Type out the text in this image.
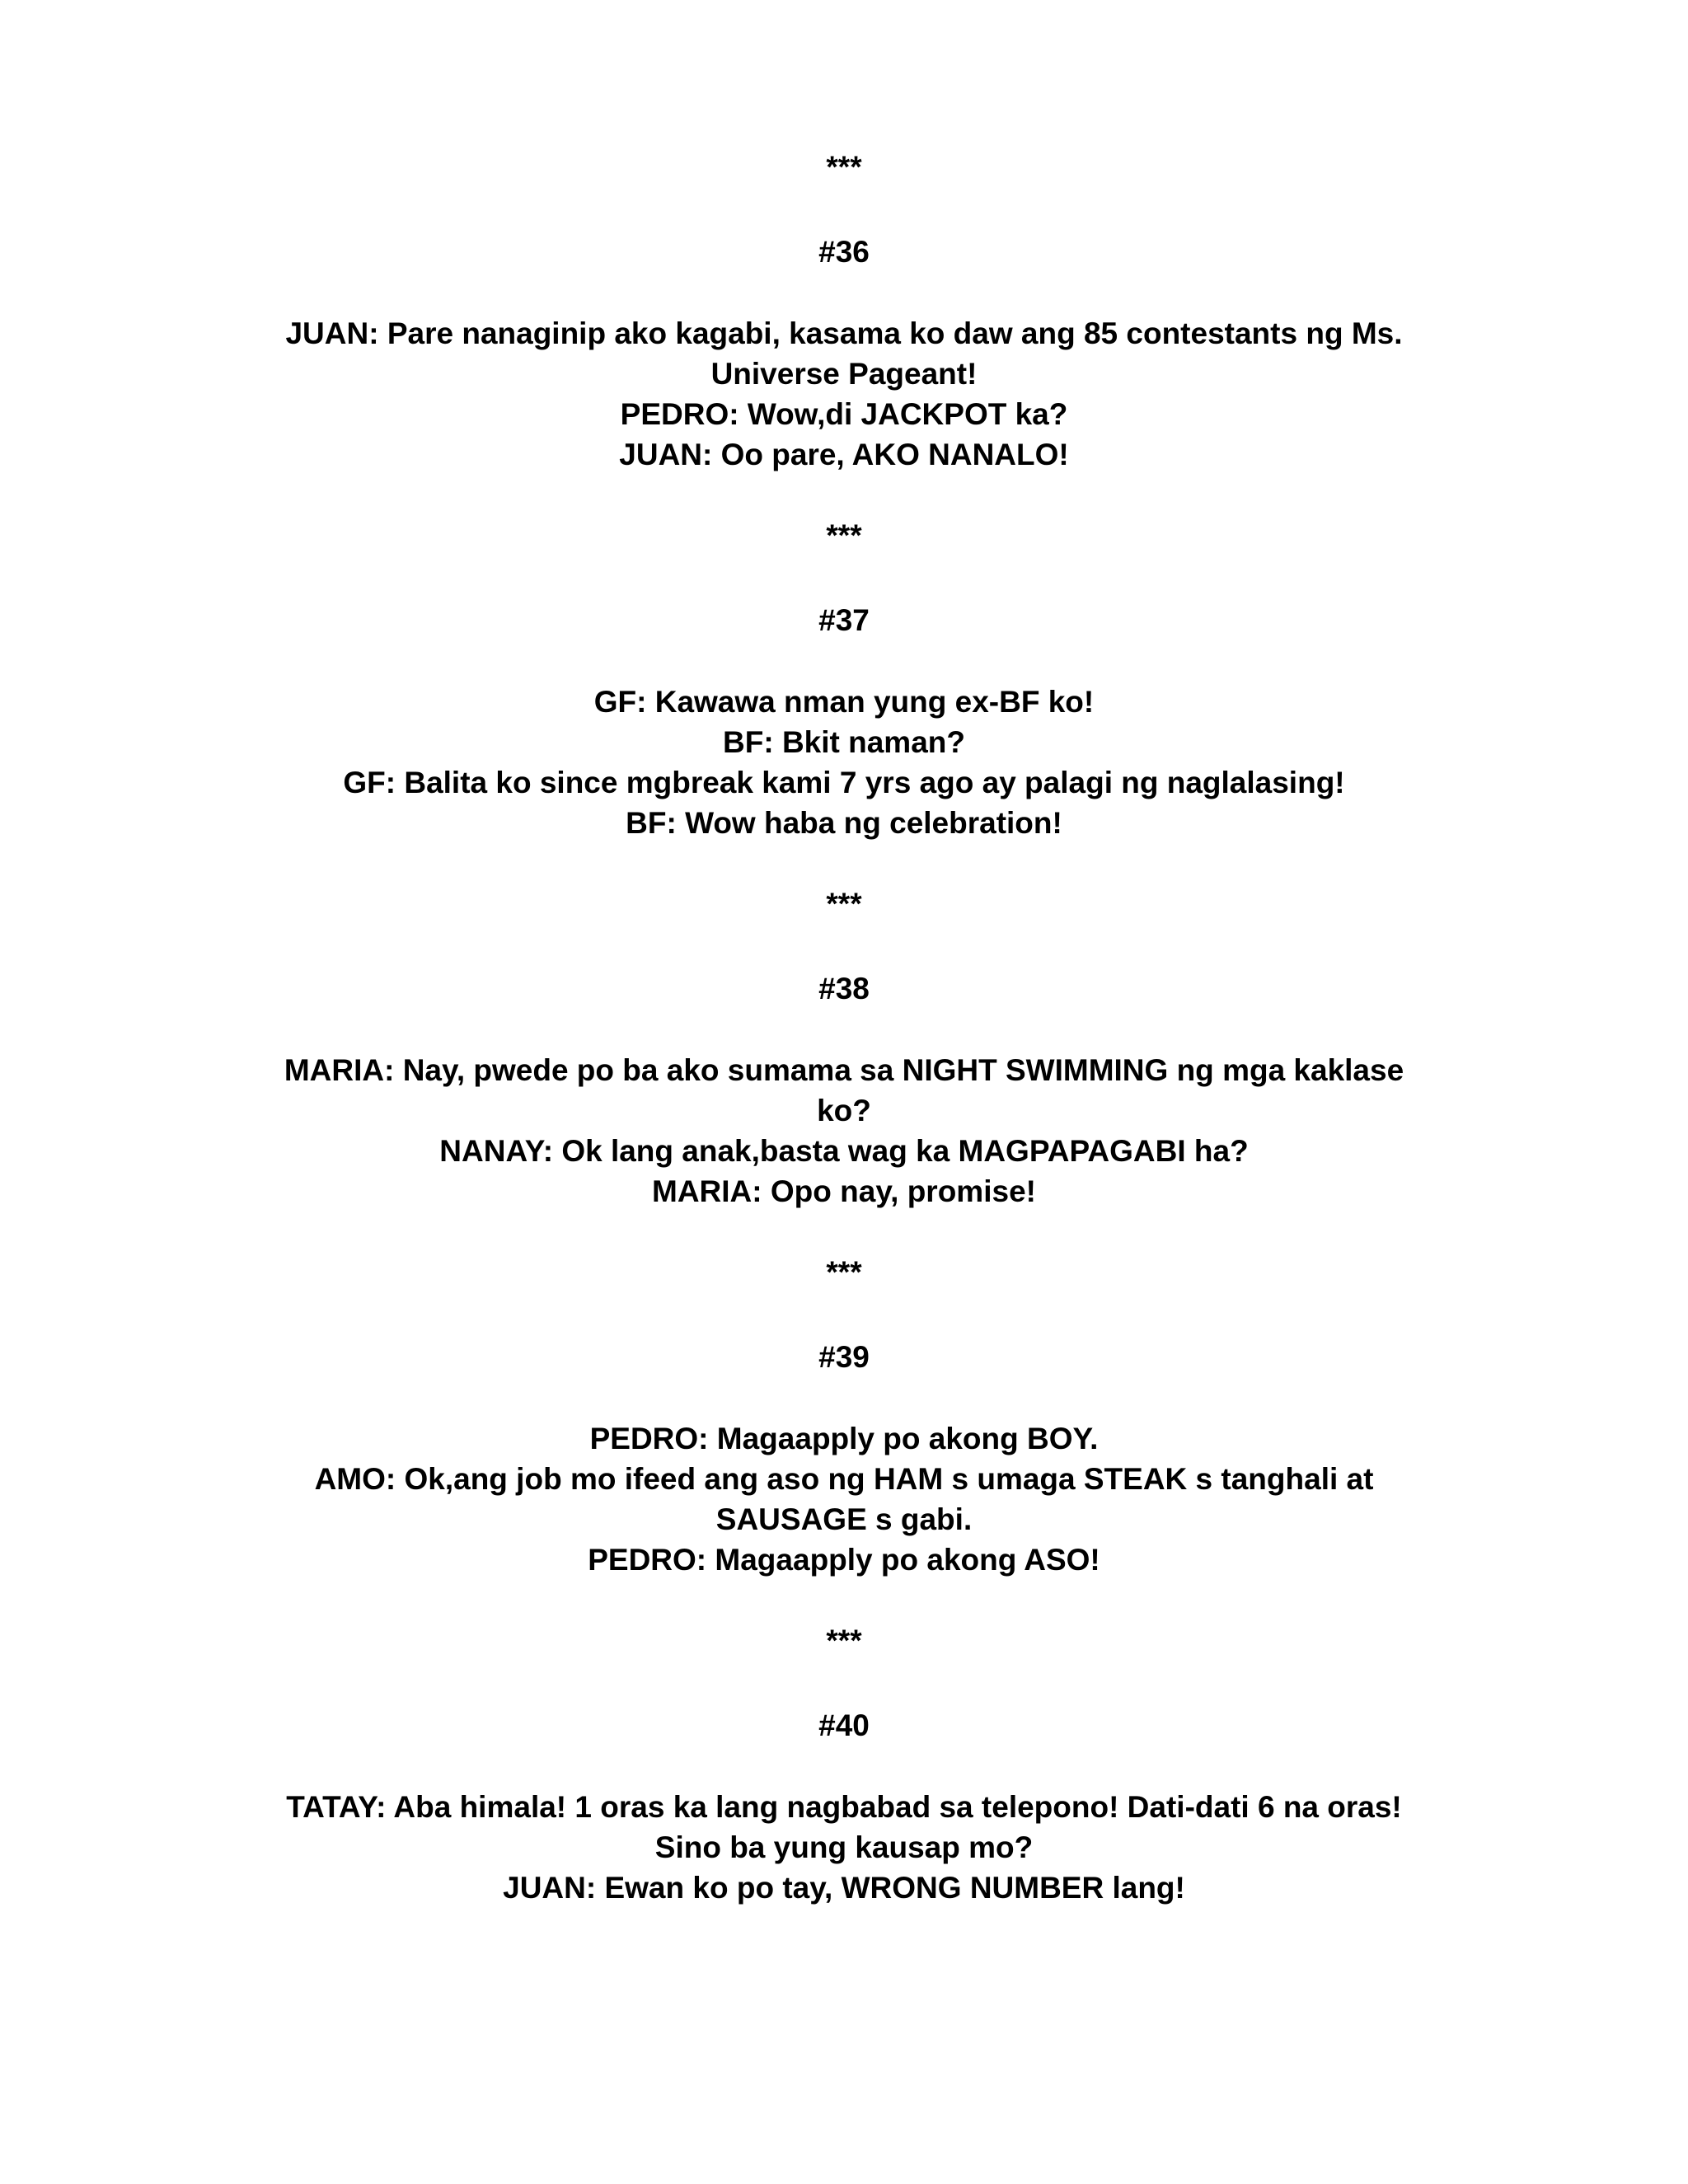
***
#36
JUAN: Pare nanaginip ako kagabi, kasama ko daw ang 85 contestants ng Ms. Universe Pageant!
PEDRO: Wow,di JACKPOT ka?
JUAN: Oo pare, AKO NANALO!
***
#37
GF: Kawawa nman yung ex-BF ko!
BF: Bkit naman?
GF: Balita ko since mgbreak kami 7 yrs ago ay palagi ng naglalasing!
BF: Wow haba ng celebration!
***
#38
MARIA: Nay, pwede po ba ako sumama sa NIGHT SWIMMING ng mga kaklase ko?
NANAY: Ok lang anak,basta wag ka MAGPAPAGABI ha?
MARIA: Opo nay, promise!
***
#39
PEDRO: Magaapply po akong BOY.
AMO: Ok,ang job mo ifeed ang aso ng HAM s umaga STEAK s tanghali at SAUSAGE s gabi.
PEDRO: Magaapply po akong ASO!
***
#40
TATAY: Aba himala! 1 oras ka lang nagbabad sa telepono! Dati-dati 6 na oras! Sino ba yung kausap mo?
JUAN: Ewan ko po tay, WRONG NUMBER lang!
